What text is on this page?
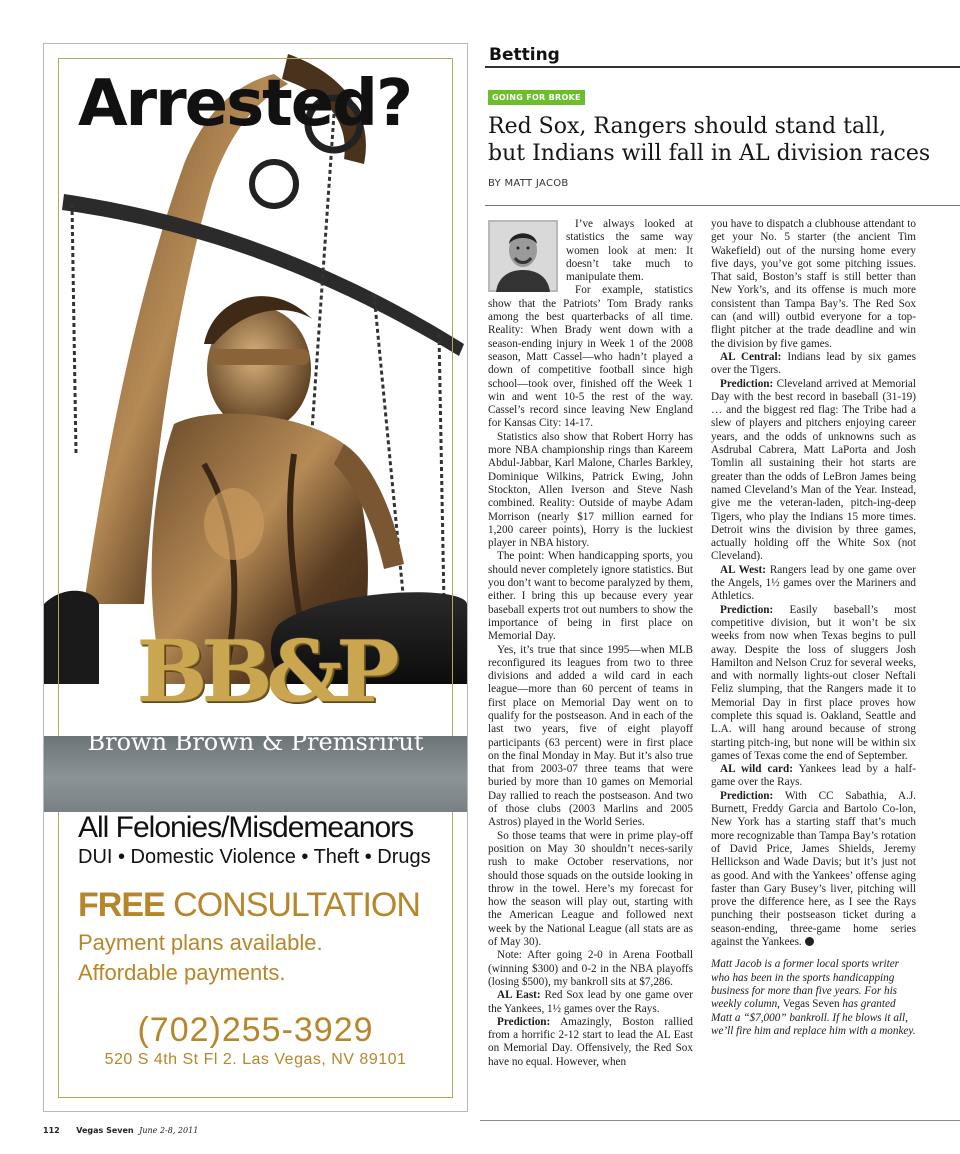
Arrested?
BB&P
Brown Brown & Premsrirut
All Felonies/Misdemeanors
DUI • Domestic Violence • Theft • Drugs
FREE CONSULTATION
Payment plans available.
Affordable payments.
(702)255-3929
520 S 4th St Fl 2. Las Vegas, NV 89101
Betting
GOING FOR BROKE
Red Sox, Rangers should stand tall,
but Indians will fall in AL division races
BY MATT JACOB

I’ve always looked at statistics the same way women look at men: It doesn’t take much to manipulate them.

For example, statistics show that the Patriots’ Tom Brady ranks among the best quarterbacks of all time. Reality: When Brady went down with a season-ending injury in Week 1 of the 2008 season, Matt Cassel—who hadn’t played a down of competitive football since high school—took over, finished off the Week 1 win and went 10-5 the rest of the way. Cassel’s record since leaving New England for Kansas City: 14-17.

Statistics also show that Robert Horry has more NBA championship rings than Kareem Abdul-Jabbar, Karl Malone, Charles Barkley, Dominique Wilkins, Patrick Ewing, John Stockton, Allen Iverson and Steve Nash combined. Reality: Outside of maybe Adam Morrison (nearly $17 million earned for 1,200 career points), Horry is the luckiest player in NBA history.

The point: When handicapping sports, you should never completely ignore statistics. But you don’t want to become paralyzed by them, either. I bring this up because every year baseball experts trot out numbers to show the importance of being in first place on Memorial Day.

Yes, it’s true that since 1995—when MLB reconfigured its leagues from two to three divisions and added a wild card in each league—more than 60 percent of teams in first place on Memorial Day went on to qualify for the postseason. And in each of the last two years, five of eight playoff participants (63 percent) were in first place on the final Monday in May. But it’s also true that from 2003-07 three teams that were buried by more than 10 games on Memorial Day rallied to reach the postseason. And two of those clubs (2003 Marlins and 2005 Astros) played in the World Series.

So those teams that were in prime play-off position on May 30 shouldn’t neces-sarily rush to make October reservations, nor should those squads on the outside looking in throw in the towel. Here’s my forecast for how the season will play out, starting with the American League and followed next week by the National League (all stats are as of May 30).

Note: After going 2-0 in Arena Football (winning $300) and 0-2 in the NBA playoffs (losing $500), my bankroll sits at $7,286.

AL East: Red Sox lead by one game over the Yankees, 1½ games over the Rays.

Prediction: Amazingly, Boston rallied from a horrific 2-12 start to lead the AL East on Memorial Day. Offensively, the Red Sox have no equal. However, when

you have to dispatch a clubhouse attendant to get your No. 5 starter (the ancient Tim Wakefield) out of the nursing home every five days, you’ve got some pitching issues. That said, Boston’s staff is still better than New York’s, and its offense is much more consistent than Tampa Bay’s. The Red Sox can (and will) outbid everyone for a top-flight pitcher at the trade deadline and win the division by five games.

AL Central: Indians lead by six games over the Tigers.

Prediction: Cleveland arrived at Memorial Day with the best record in baseball (31-19) … and the biggest red flag: The Tribe had a slew of players and pitchers enjoying career years, and the odds of unknowns such as Asdrubal Cabrera, Matt LaPorta and Josh Tomlin all sustaining their hot starts are greater than the odds of LeBron James being named Cleveland’s Man of the Year. Instead, give me the veteran-laden, pitch-ing-deep Tigers, who play the Indians 15 more times. Detroit wins the division by three games, actually holding off the White Sox (not Cleveland).

AL West: Rangers lead by one game over the Angels, 1½ games over the Mariners and Athletics.

Prediction: Easily baseball’s most competitive division, but it won’t be six weeks from now when Texas begins to pull away. Despite the loss of sluggers Josh Hamilton and Nelson Cruz for several weeks, and with normally lights-out closer Neftali Feliz slumping, that the Rangers made it to Memorial Day in first place proves how complete this squad is. Oakland, Seattle and L.A. will hang around because of strong starting pitch-ing, but none will be within six games of Texas come the end of September.

AL wild card: Yankees lead by a half-game over the Rays.

Prediction: With CC Sabathia, A.J. Burnett, Freddy Garcia and Bartolo Co-lon, New York has a starting staff that’s much more recognizable than Tampa Bay’s rotation of David Price, James Shields, Jeremy Hellickson and Wade Davis; but it’s just not as good. And with the Yankees’ offense aging faster than Gary Busey’s liver, pitching will prove the difference here, as I see the Rays punching their postseason ticket during a season-ending, three-game home series against the Yankees.

Matt Jacob is a former local sports writer who has been in the sports handicapping business for more than five years. For his weekly column, Vegas Seven has granted Matt a “$7,000” bankroll. If he blows it all, we’ll fire him and replace him with a monkey.

112 Vegas Seven June 2-8, 2011
